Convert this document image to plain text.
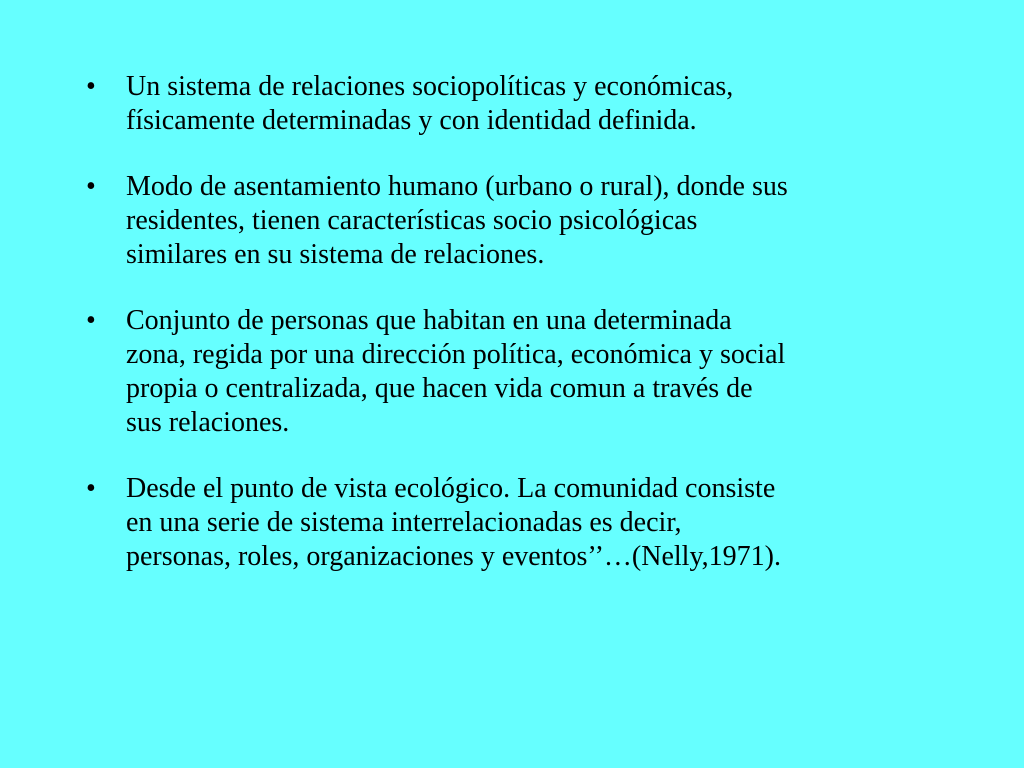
•	Un sistema de relaciones sociopolíticas y económicas,
físicamente determinadas y con identidad definida.
•	Modo de asentamiento humano (urbano o rural), donde sus
residentes, tienen características socio psicológicas
similares en su sistema de relaciones.
•	Conjunto de personas que habitan en una determinada
zona, regida por una dirección política, económica y social
propia o centralizada, que hacen vida comun a través de
sus relaciones.
•	Desde el punto de vista ecológico. La comunidad consiste
en una serie de sistema interrelacionadas es decir,
personas, roles, organizaciones y eventos’’…(Nelly,1971).
